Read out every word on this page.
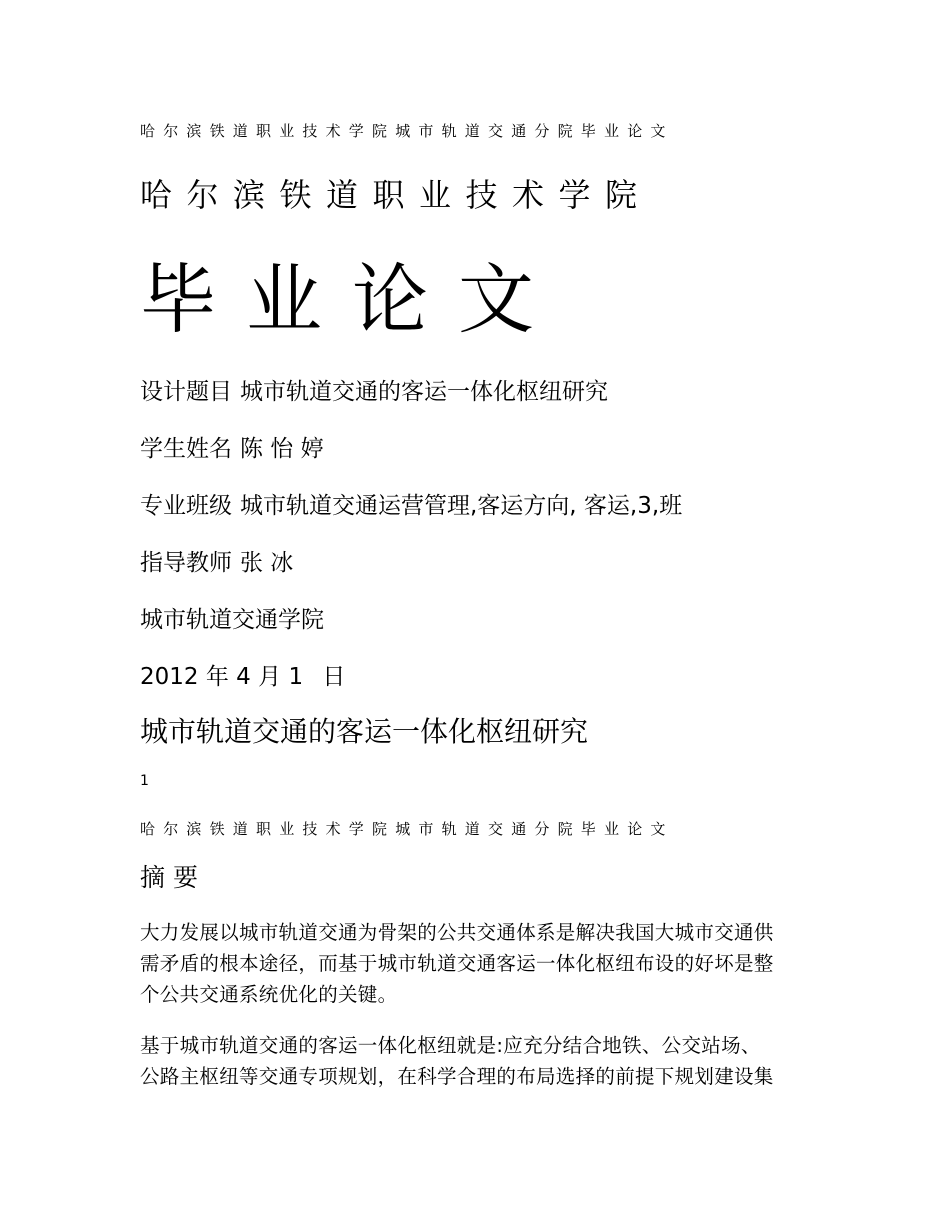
哈尔滨铁道职业技术学院城市轨道交通分院毕业论文
哈尔滨铁道职业技术学院
毕业论文
设计题目 城市轨道交通的客运一体化枢纽研究
学生姓名 陈 怡 婷
专业班级 城市轨道交通运营管理,客运方向, 客运,3,班
指导教师 张 冰
城市轨道交通学院
2012 年 4 月 1 日
城市轨道交通的客运一体化枢纽研究
1
哈尔滨铁道职业技术学院城市轨道交通分院毕业论文
摘要

大力发展以城市轨道交通为骨架的公共交通体系是解决我国大城市交通供
需矛盾的根本途径，而基于城市轨道交通客运一体化枢纽布设的好坏是整
个公共交通系统优化的关键。

基于城市轨道交通的客运一体化枢纽就是:应充分结合地铁、公交站场、
公路主枢纽等交通专项规划，在科学合理的布局选择的前提下规划建设集
